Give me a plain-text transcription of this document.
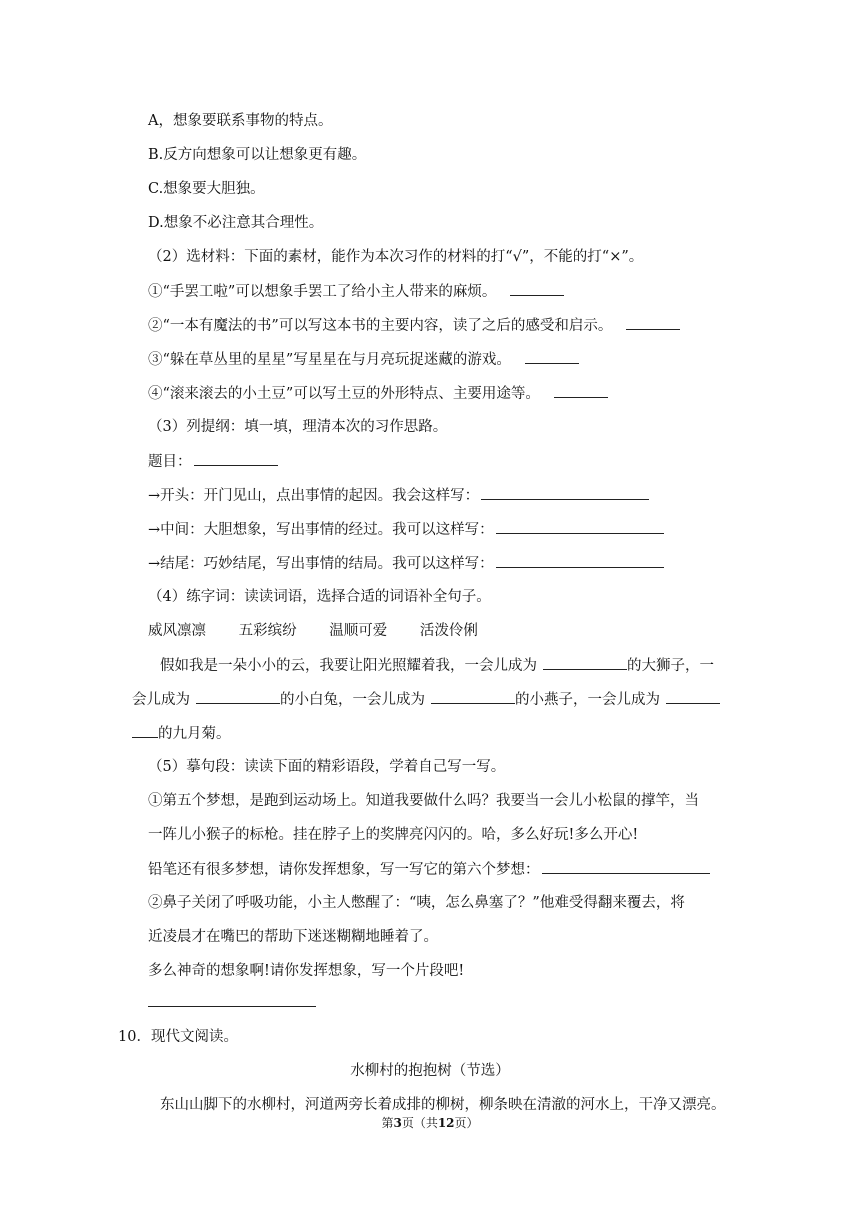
A，想象要联系事物的特点。
B.反方向想象可以让想象更有趣。
C.想象要大胆独。
D.想象不必注意其合理性。
（2）选材料：下面的素材，能作为本次习作的材料的打“√”，不能的打“×”。
①“手罢工啦”可以想象手罢工了给小主人带来的麻烦。
②“一本有魔法的书”可以写这本书的主要内容，读了之后的感受和启示。
③“躲在草丛里的星星”写星星在与月亮玩捉迷藏的游戏。
④“滚来滚去的小土豆”可以写土豆的外形特点、主要用途等。
（3）列提纲：填一填，理清本次的习作思路。
题目：
→开头：开门见山，点出事情的起因。我会这样写：
→中间：大胆想象，写出事情的经过。我可以这样写：
→结尾：巧妙结尾，写出事情的结局。我可以这样写：
（4）练字词：读读词语，选择合适的词语补全句子。
威风凛凛 五彩缤纷 温顺可爱 活泼伶俐
假如我是一朵小小的云，我要让阳光照耀着我，一会儿成为	的大狮子，一
会儿成为	的小白兔，一会儿成为	的小燕子，一会儿成为
的九月菊。
（5）摹句段：读读下面的精彩语段，学着自己写一写。
①第五个梦想，是跑到运动场上。知道我要做什么吗？我要当一会儿小松鼠的撑竿，当
一阵儿小猴子的标枪。挂在脖子上的奖牌亮闪闪的。哈，多么好玩!多么开心!
铅笔还有很多梦想，请你发挥想象，写一写它的第六个梦想：
②鼻子关闭了呼吸功能，小主人憋醒了：“咦，怎么鼻塞了？”他难受得翻来覆去，将
近凌晨才在嘴巴的帮助下迷迷糊糊地睡着了。
多么神奇的想象啊!请你发挥想象，写一个片段吧!
10．现代文阅读。
水柳村的抱抱树（节选）
东山山脚下的水柳村，河道两旁长着成排的柳树，柳条映在清澈的河水上，干净又漂亮。
第3页（共12页）
